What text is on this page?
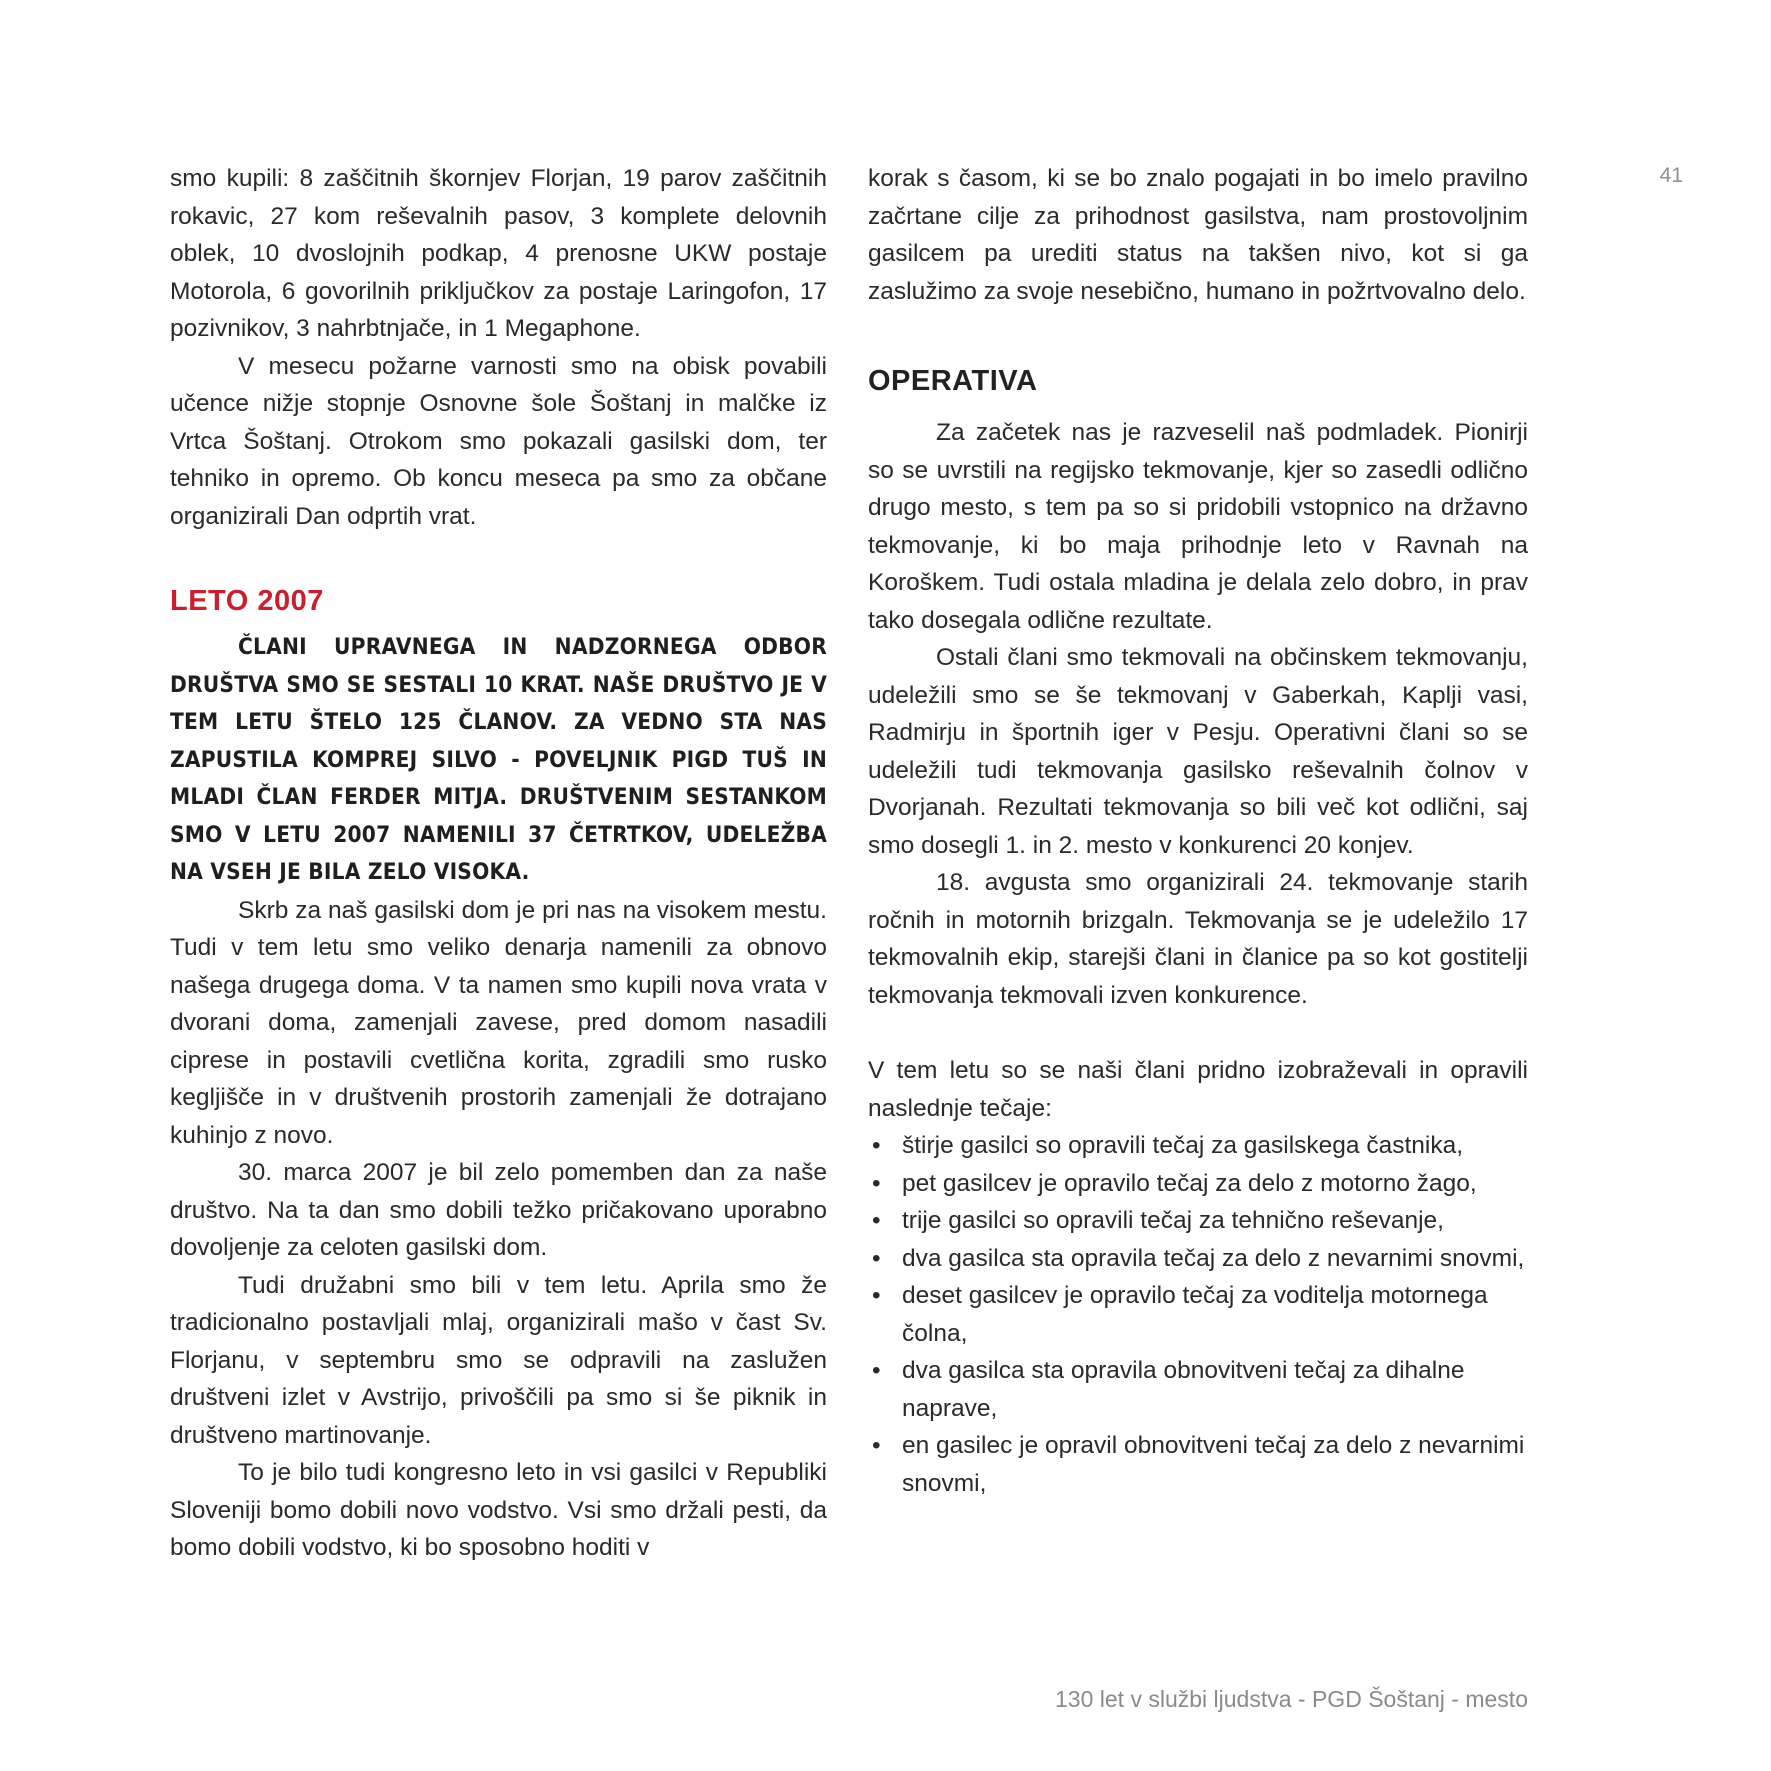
41

smo kupili: 8 zaščitnih škornjev Florjan, 19 parov zaščitnih rokavic, 27 kom reševalnih pasov, 3 komplete delovnih oblek, 10 dvoslojnih podkap, 4 prenosne UKW postaje Motorola, 6 govorilnih priključkov za postaje Laringofon, 17 pozivnikov, 3 nahrbtnjače, in 1 Megaphone.

V mesecu požarne varnosti smo na obisk povabili učence nižje stopnje Osnovne šole Šoštanj in malčke iz Vrtca Šoštanj. Otrokom smo pokazali gasilski dom, ter tehniko in opremo. Ob koncu meseca pa smo za občane organizirali Dan odprtih vrat.

LETO 2007

ČLANI UPRAVNEGA IN NADZORNEGA ODBOR DRUŠTVA SMO SE SESTALI 10 KRAT. NAŠE DRUŠTVO JE V TEM LETU ŠTELO 125 ČLANOV. ZA VEDNO STA NAS ZAPUSTILA KOMPREJ SILVO - POVELJNIK PIGD TUŠ IN MLADI ČLAN FERDER MITJA. DRUŠTVENIM SESTANKOM SMO V LETU 2007 NAMENILI 37 ČETRTKOV, UDELEŽBA NA VSEH JE BILA ZELO VISOKA.

Skrb za naš gasilski dom je pri nas na visokem mestu. Tudi v tem letu smo veliko denarja namenili za obnovo našega drugega doma. V ta namen smo kupili nova vrata v dvorani doma, zamenjali zavese, pred domom nasadili ciprese in postavili cvetlična korita, zgradili smo rusko kegljišče in v društvenih prostorih zamenjali že dotrajano kuhinjo z novo.

30. marca 2007 je bil zelo pomemben dan za naše društvo. Na ta dan smo dobili težko pričakovano uporabno dovoljenje za celoten gasilski dom.

Tudi družabni smo bili v tem letu. Aprila smo že tradicionalno postavljali mlaj, organizirali mašo v čast Sv. Florjanu, v septembru smo se odpravili na zaslužen društveni izlet v Avstrijo, privoščili pa smo si še piknik in društveno martinovanje.

To je bilo tudi kongresno leto in vsi gasilci v Republiki Sloveniji bomo dobili novo vodstvo. Vsi smo držali pesti, da bomo dobili vodstvo, ki bo sposobno hoditi v

korak s časom, ki se bo znalo pogajati in bo imelo pravilno začrtane cilje za prihodnost gasilstva, nam prostovoljnim gasilcem pa urediti status na takšen nivo, kot si ga zaslužimo za svoje nesebično, humano in požrtvovalno delo.

OPERATIVA

Za začetek nas je razveselil naš podmladek. Pionirji so se uvrstili na regijsko tekmovanje, kjer so zasedli odlično drugo mesto, s tem pa so si pridobili vstopnico na državno tekmovanje, ki bo maja prihodnje leto v Ravnah na Koroškem. Tudi ostala mladina je delala zelo dobro, in prav tako dosegala odlične rezultate.

Ostali člani smo tekmovali na občinskem tekmovanju, udeležili smo se še tekmovanj v Gaberkah, Kaplji vasi, Radmirju in športnih iger v Pesju. Operativni člani so se udeležili tudi tekmovanja gasilsko reševalnih čolnov v Dvorjanah. Rezultati tekmovanja so bili več kot odlični, saj smo dosegli 1. in 2. mesto v konkurenci 20 konjev.

18. avgusta smo organizirali 24. tekmovanje starih ročnih in motornih brizgaln. Tekmovanja se je udeležilo 17 tekmovalnih ekip, starejši člani in članice pa so kot gostitelji tekmovanja tekmovali izven konkurence.

V tem letu so se naši člani pridno izobraževali in opravili naslednje tečaje:

• štirje gasilci so opravili tečaj za gasilskega častnika,
• pet gasilcev je opravilo tečaj za delo z motorno žago,
• trije gasilci so opravili tečaj za tehnično reševanje,
• dva gasilca sta opravila tečaj za delo z nevarnimi snovmi,
• deset gasilcev je opravilo tečaj za voditelja motornega čolna,
• dva gasilca sta opravila obnovitveni tečaj za dihalne naprave,
• en gasilec je opravil obnovitveni tečaj za delo z nevarnimi snovmi,
130 let v službi ljudstva - PGD Šoštanj - mesto
